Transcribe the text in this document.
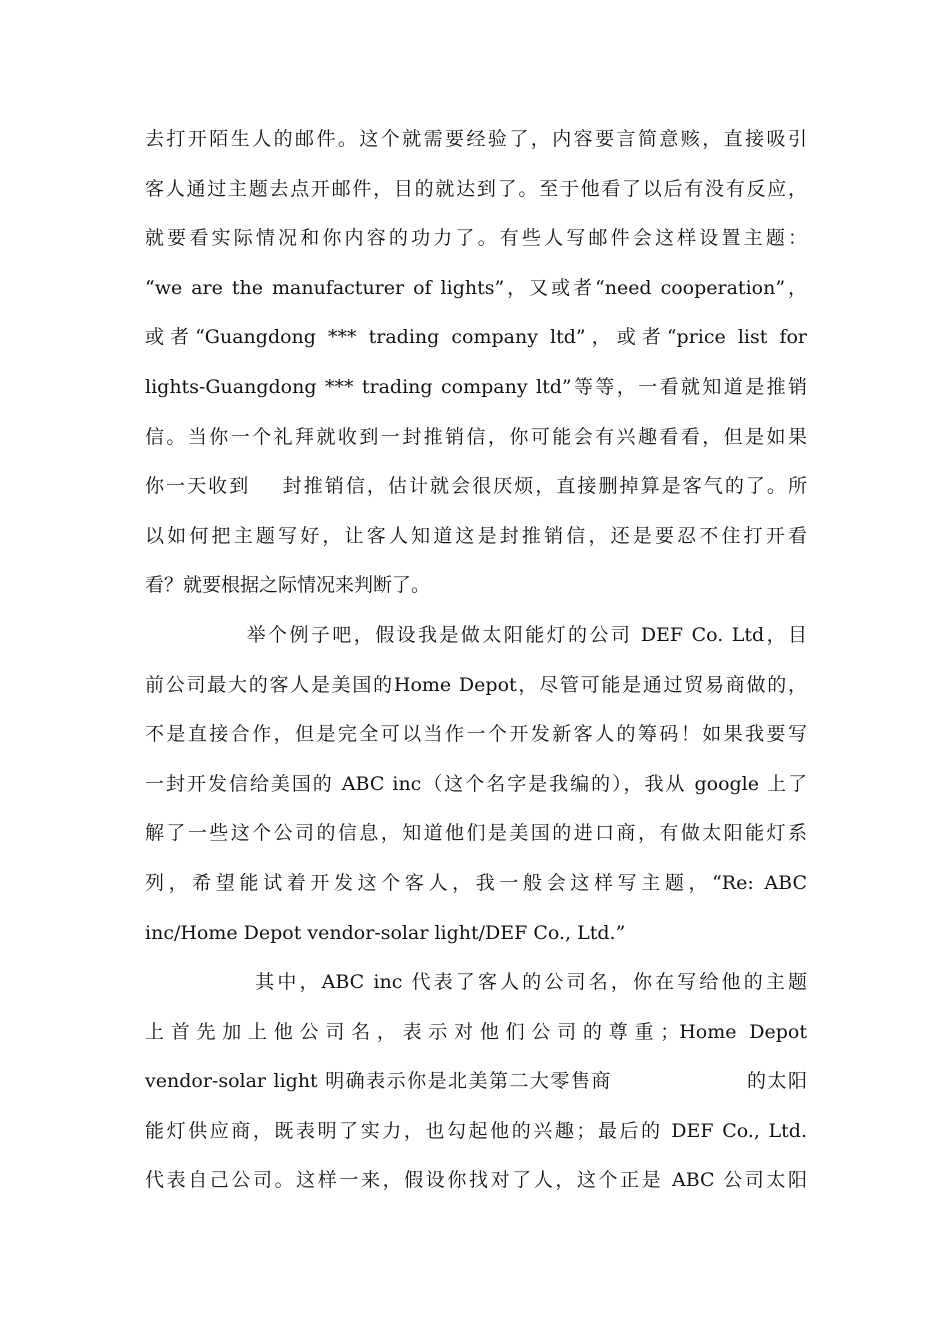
去打开陌生人的邮件。这个就需要经验了，内容要言简意赅，直接吸引
客人通过主题去点开邮件，目的就达到了。至于他看了以后有没有反应，
就要看实际情况和你内容的功力了。有些人写邮件会这样设置主题：
“we are the manufacturer of lights”，又或者“need cooperation”，
或者“Guangdong *** trading company ltd”，或者“price list for
lights-Guangdong *** trading company ltd”等等，一看就知道是推销
信。当你一个礼拜就收到一封推销信，你可能会有兴趣看看，但是如果
你一天收到    封推销信，估计就会很厌烦，直接删掉算是客气的了。所
以如何把主题写好，让客人知道这是封推销信，还是要忍不住打开看
看？就要根据之际情况来判断了。
举个例子吧，假设我是做太阳能灯的公司 DEF Co. Ltd，目
前公司最大的客人是美国的Home Depot，尽管可能是通过贸易商做的，
不是直接合作，但是完全可以当作一个开发新客人的筹码！如果我要写
一封开发信给美国的 ABC inc（这个名字是我编的），我从 google 上了
解了一些这个公司的信息，知道他们是美国的进口商，有做太阳能灯系
列，希望能试着开发这个客人，我一般会这样写主题，“Re: ABC
inc/Home Depot vendor-solar light/DEF Co., Ltd.”
其中，ABC inc 代表了客人的公司名，你在写给他的主题
上首先加上他公司名，表示对他们公司的尊重；Home Depot
vendor-solar light 明确表示你是北美第二大零售商                  的太阳
能灯供应商，既表明了实力，也勾起他的兴趣；最后的 DEF Co., Ltd.
代表自己公司。这样一来，假设你找对了人，这个正是 ABC 公司太阳
